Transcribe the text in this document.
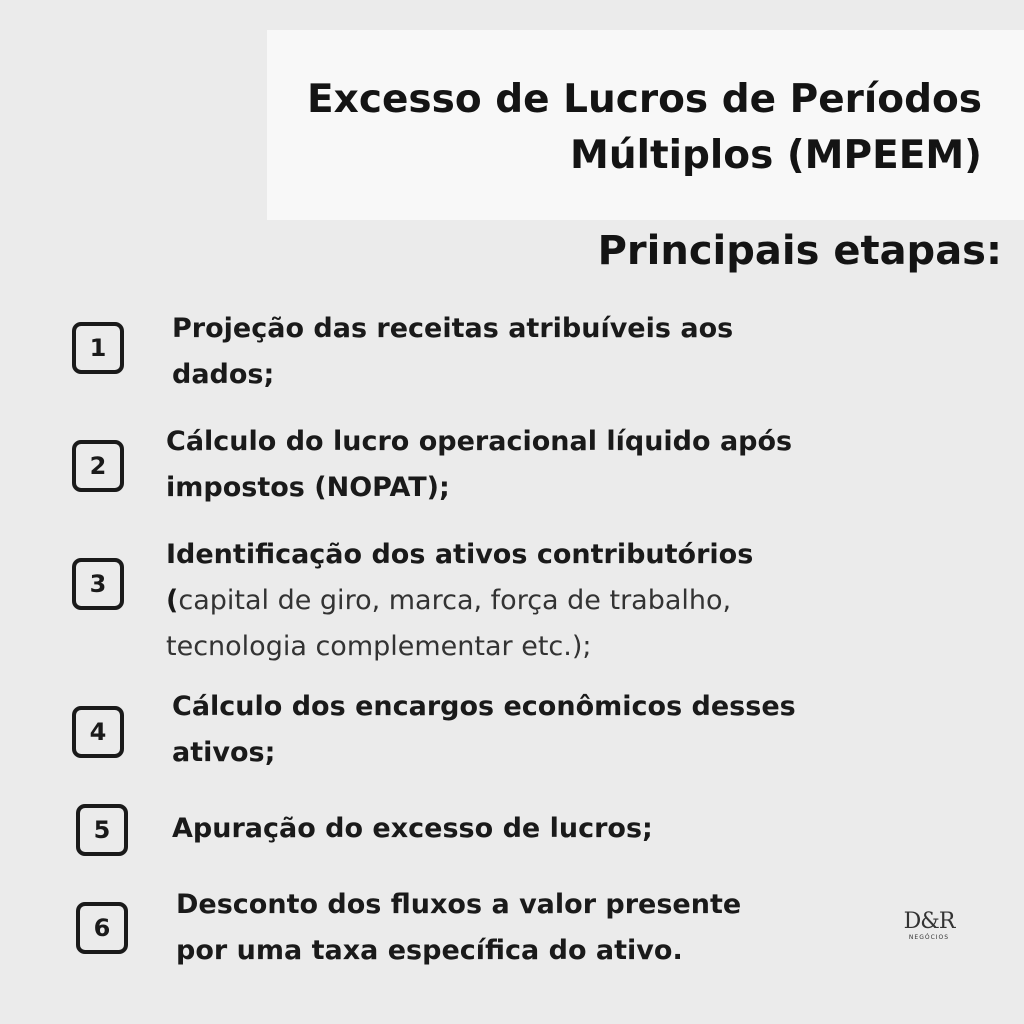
Excesso de Lucros de Períodos
Múltiplos (MPEEM)
Principais etapas:
1
Projeção das receitas atribuíveis aos
dados;
2
Cálculo do lucro operacional líquido após
impostos (NOPAT);
3
Identificação dos ativos contributórios
(capital de giro, marca, força de trabalho,
tecnologia complementar etc.);
4
Cálculo dos encargos econômicos desses
ativos;
5	Apuração do excesso de lucros;
6
Desconto dos fluxos a valor presente
por uma taxa específica do ativo.
D&R
NEGÓCIOS
